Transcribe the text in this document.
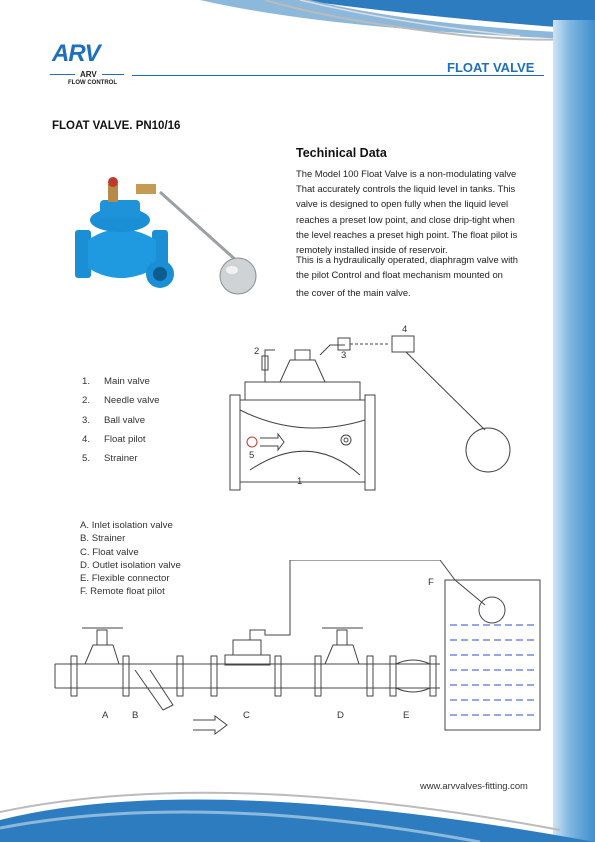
ARV
ARV
FLOW CONTROL
FLOAT VALVE
FLOAT VALVE. PN10/16
Techinical Data

The Model 100 Float Valve is a non-modulating valve

That accurately controls the liquid level in tanks. This

valve is designed to open fully when the liquid level

reaches a preset low point, and close drip-tight when

the level reaches a preset high point. The float pilot is

remotely installed inside of reservoir.

This is a hydraulically operated, diaphragm valve with

the pilot Control and float mechanism mounted on

the cover of the main valve.

1. Main valve
2. Needle valve
3. Ball valve
4. Float pilot
5. Strainer
2	3
4
5
1
A. Inlet isolation valve
B. Strainer
C. Float valve
D. Outlet isolation valve
E. Flexible connector
F. Remote float pilot
A B	C	D	E
F
www.arvvalves-fitting.com
